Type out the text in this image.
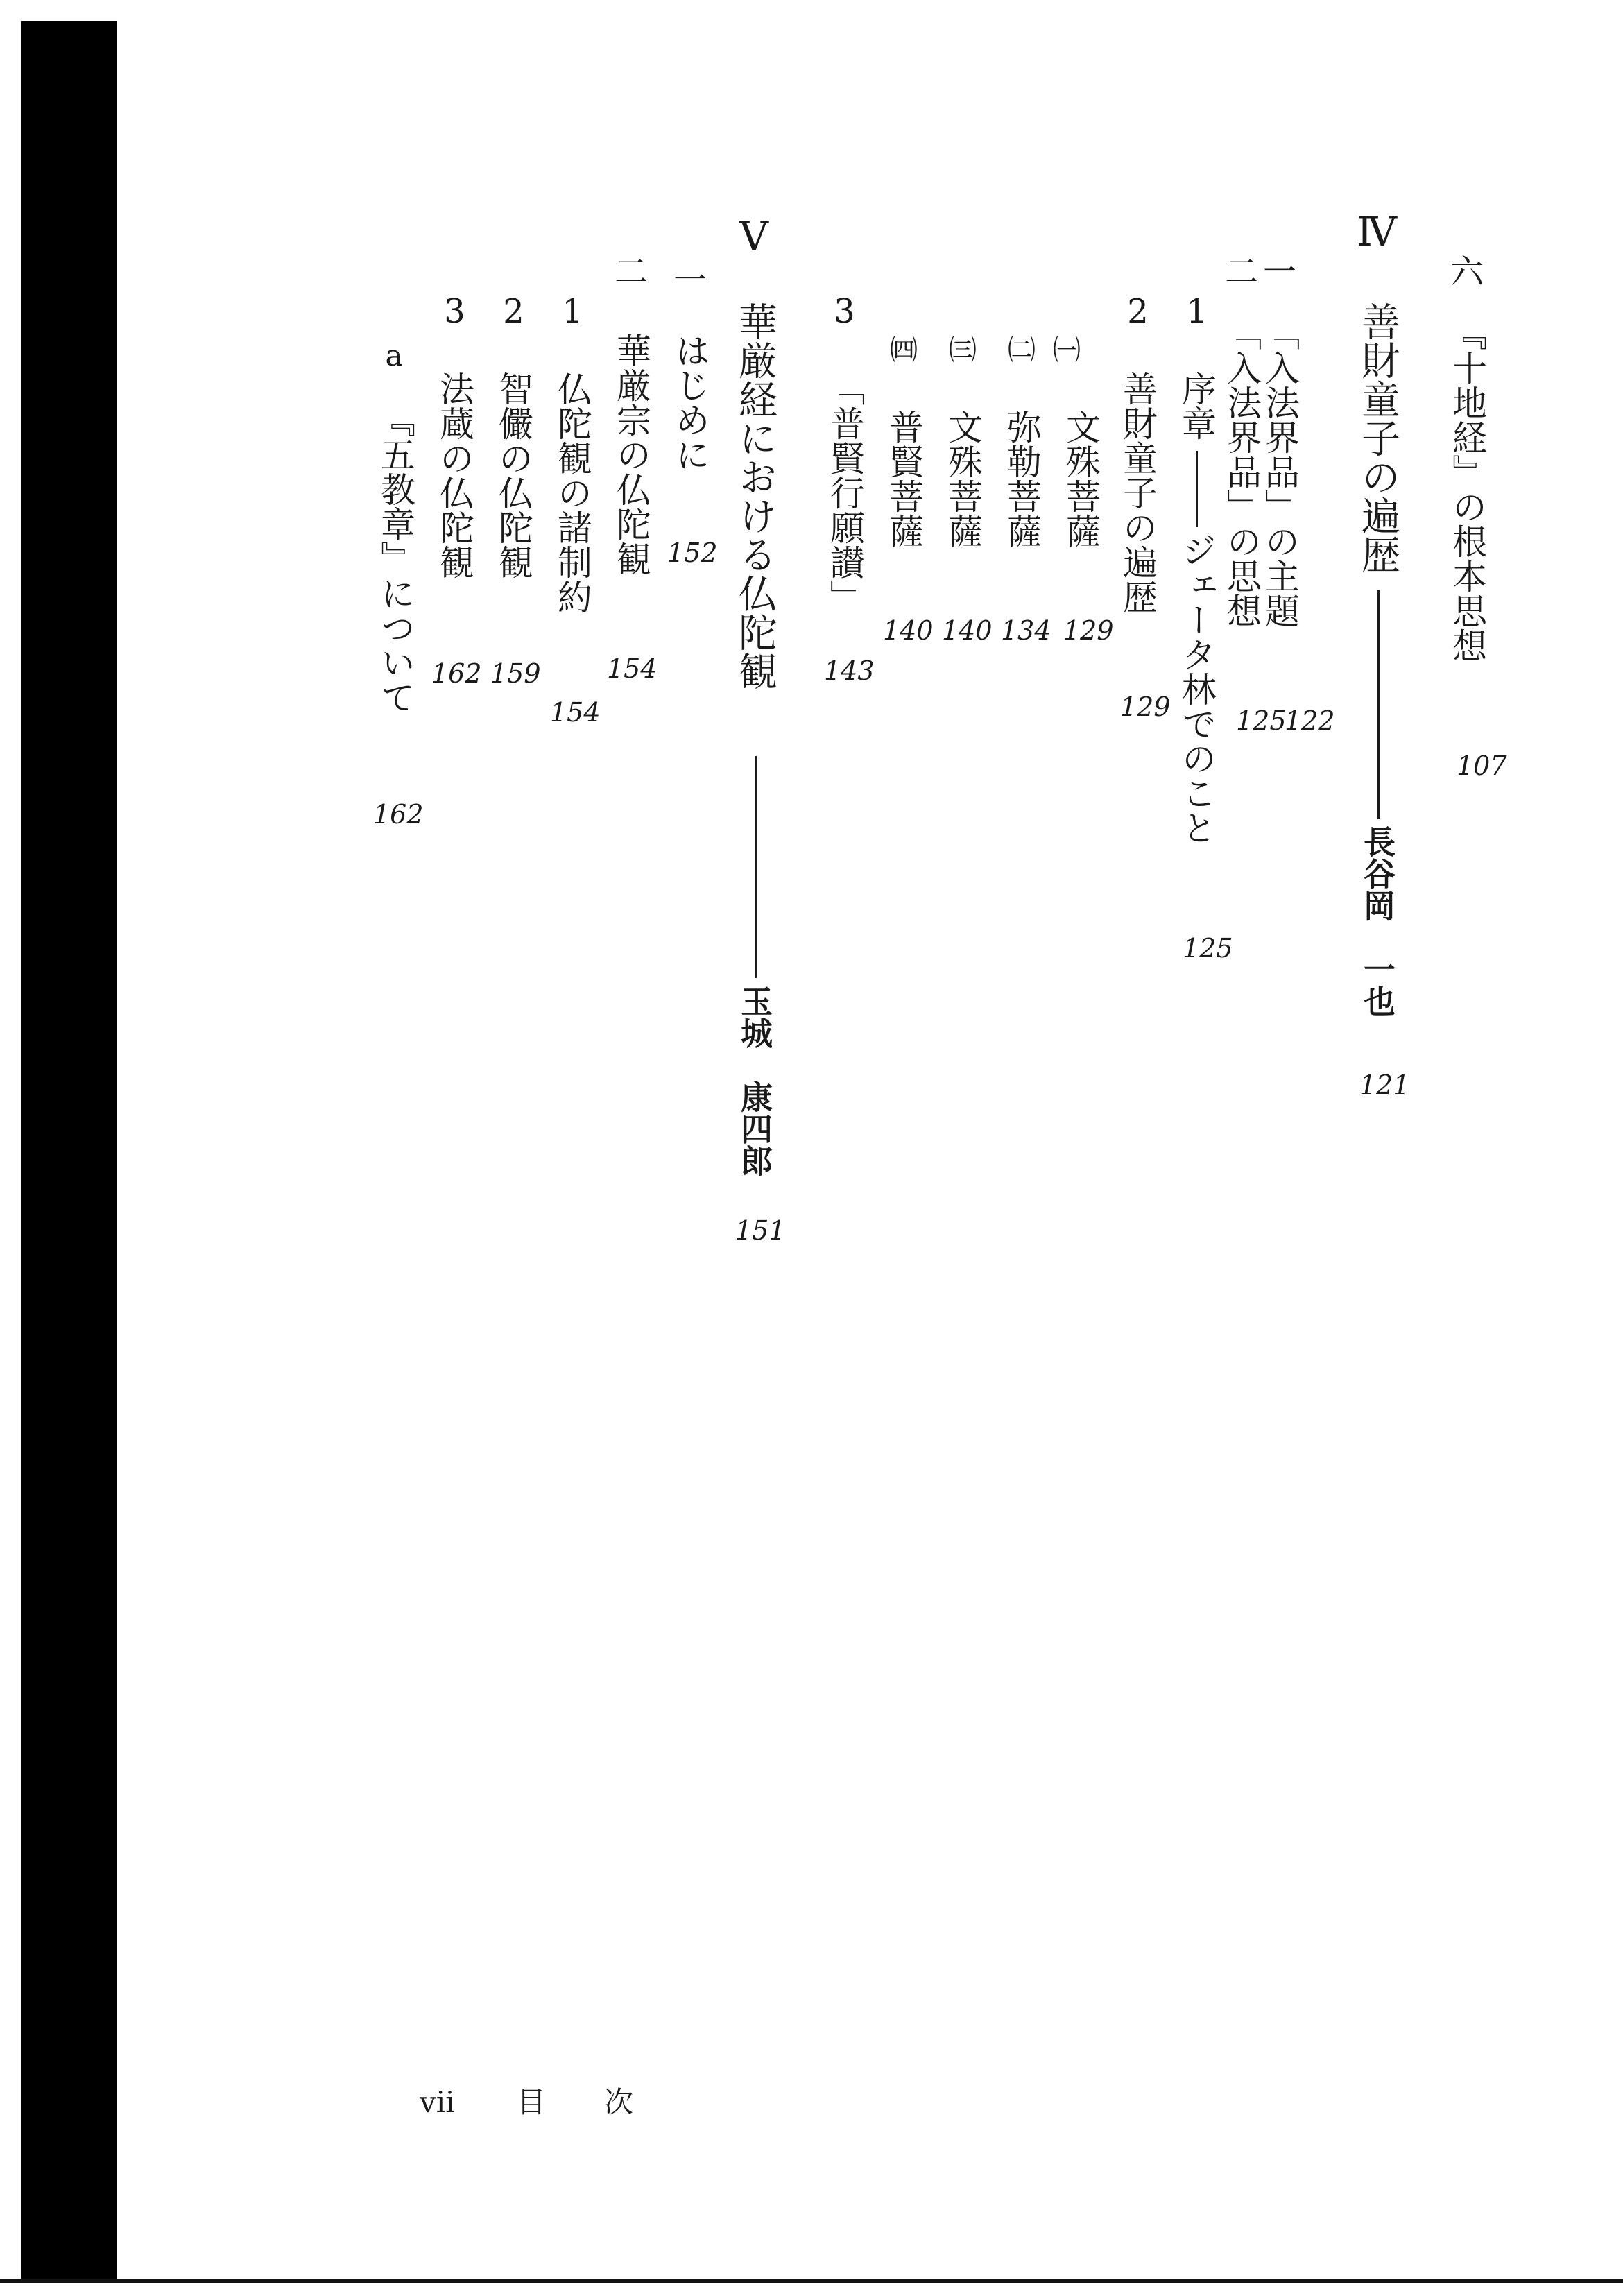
六
『十地経』の根本思想
107
Ⅳ
善財童子の遍歴
長谷岡　一也
121
一
「入法界品」の主題
122
二
「入法界品」の思想
125
1
序章
ジェータ林でのこと
125
2
善財童子の遍歴
129
㈠
文殊菩薩
129
㈡
弥勒菩薩
134
㈢
文殊菩薩
140
㈣
普賢菩薩
140
3
「普賢行願讃」
143
Ⅴ
華厳経における仏陀観
玉城　康四郎
151
一
はじめに
152
二
華厳宗の仏陀観
154
1
仏陀観の諸制約
154
2
智儼の仏陀観
159
3
法蔵の仏陀観
162
a
『五教章』について
162
vii 目　　次
